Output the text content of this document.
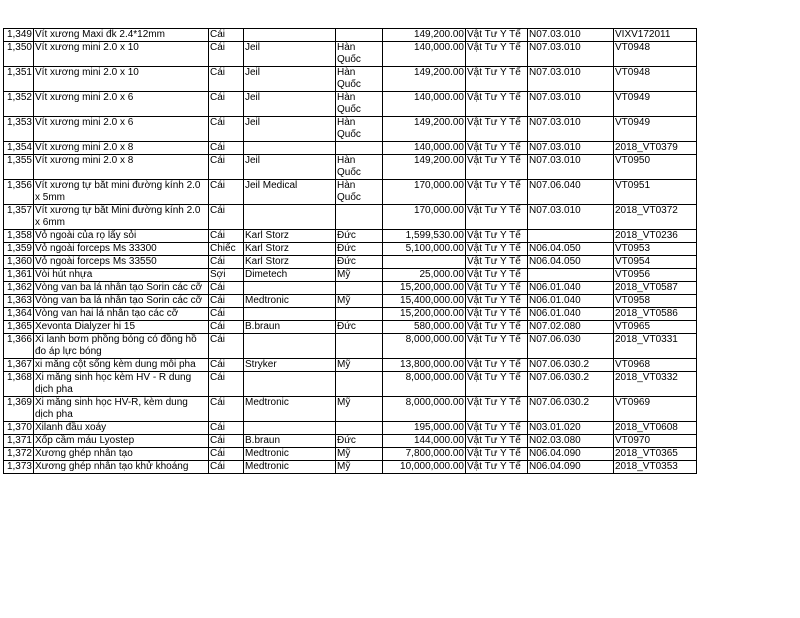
1,349	Vít xương Maxi đk 2.4*12mm	Cái			149,200.00	Vật Tư Y Tế	N07.03.010	VIXV172011
1,350	Vít xương mini 2.0 x 10	Cái	Jeil	Hàn Quốc	140,000.00	Vật Tư Y Tế	N07.03.010	VT0948
1,351	Vít xương mini 2.0 x 10	Cái	Jeil	Hàn Quốc	149,200.00	Vật Tư Y Tế	N07.03.010	VT0948
1,352	Vít xương mini 2.0 x 6	Cái	Jeil	Hàn Quốc	140,000.00	Vật Tư Y Tế	N07.03.010	VT0949
1,353	Vít xương mini 2.0 x 6	Cái	Jeil	Hàn Quốc	149,200.00	Vật Tư Y Tế	N07.03.010	VT0949
1,354	Vít xương mini 2.0 x 8	Cái			140,000.00	Vật Tư Y Tế	N07.03.010	2018_VT0379
1,355	Vít xương mini 2.0 x 8	Cái	Jeil	Hàn Quốc	149,200.00	Vật Tư Y Tế	N07.03.010	VT0950
1,356	Vít xương tự bắt mini đường kính 2.0 x 5mm	Cái	Jeil Medical	Hàn Quốc	170,000.00	Vật Tư Y Tế	N07.06.040	VT0951
1,357	Vít xương tự bắt Mini đường kính 2.0 x 6mm	Cái			170,000.00	Vật Tư Y Tế	N07.03.010	2018_VT0372
1,358	Vỏ ngoài của rọ lấy sỏi	Cái	Karl Storz	Đức	1,599,530.00	Vật Tư Y Tế		2018_VT0236
1,359	Vỏ ngoài forceps Ms 33300	Chiếc	Karl Storz	Đức	5,100,000.00	Vật Tư Y Tế	N06.04.050	VT0953
1,360	Vỏ ngoài forceps Ms 33550	Cái	Karl Storz	Đức		Vật Tư Y Tế	N06.04.050	VT0954
1,361	Vòi hút nhựa	Sợi	Dimetech	Mỹ	25,000.00	Vật Tư Y Tế		VT0956
1,362	Vòng van ba lá nhân tạo Sorin các cỡ	Cái			15,200,000.00	Vật Tư Y Tế	N06.01.040	2018_VT0587
1,363	Vòng van ba lá nhân tạo Sorin các cỡ	Cái	Medtronic	Mỹ	15,400,000.00	Vật Tư Y Tế	N06.01.040	VT0958
1,364	Vòng van hai lá nhân tạo các cỡ	Cái			15,200,000.00	Vật Tư Y Tế	N06.01.040	2018_VT0586
1,365	Xevonta Dialyzer hi 15	Cái	B.braun	Đức	580,000.00	Vật Tư Y Tế	N07.02.080	VT0965
1,366	Xi lanh bơm phồng bóng có đồng hồ đo áp lực bóng	Cái			8,000,000.00	Vật Tư Y Tế	N07.06.030	2018_VT0331
1,367	xi măng cột sống kèm dung môi pha	Cái	Stryker	Mỹ	13,800,000.00	Vật Tư Y Tế	N07.06.030.2	VT0968
1,368	Xi măng sinh học kèm HV - R dung dịch pha	Cái			8,000,000.00	Vật Tư Y Tế	N07.06.030.2	2018_VT0332
1,369	Xi măng sinh học HV-R, kèm dung dịch pha	Cái	Medtronic	Mỹ	8,000,000.00	Vật Tư Y Tế	N07.06.030.2	VT0969
1,370	Xilanh đầu xoáy	Cái			195,000.00	Vật Tư Y Tế	N03.01.020	2018_VT0608
1,371	Xốp cầm máu Lyostep	Cái	B.braun	Đức	144,000.00	Vật Tư Y Tế	N02.03.080	VT0970
1,372	Xương ghép nhân tạo	Cái	Medtronic	Mỹ	7,800,000.00	Vật Tư Y Tế	N06.04.090	2018_VT0365
1,373	Xương ghép nhân tạo khử khoáng	Cái	Medtronic	Mỹ	10,000,000.00	Vật Tư Y Tế	N06.04.090	2018_VT0353
